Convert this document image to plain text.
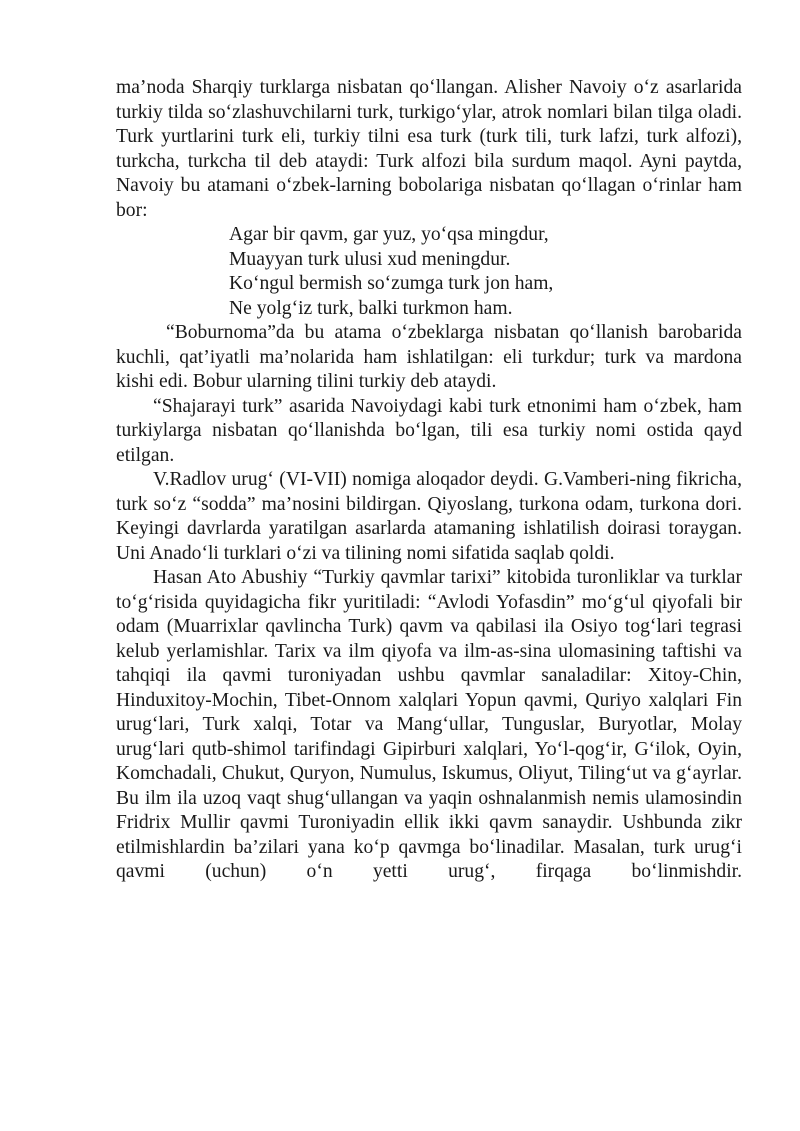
ma’noda Sharqiy turklarga nisbatan qo‘llangan. Alisher Navoiy o‘z asarlarida turkiy tilda so‘zlashuvchilarni turk, turkigo‘ylar, atrok nomlari bilan tilga oladi. Turk yurtlarini turk eli, turkiy tilni esa turk (turk tili, turk lafzi, turk alfozi), turkcha, turkcha til deb ataydi: Turk alfozi bila surdum maqol. Ayni paytda, Navoiy bu atamani o‘zbek-larning bobolariga nisbatan qo‘llagan o‘rinlar ham bor:

Agar bir qavm, gar yuz, yo‘qsa mingdur,
Muayyan turk ulusi xud meningdur.
Ko‘ngul bermish so‘zumga turk jon ham,
Ne yolg‘iz turk, balki turkmon ham.

“Boburnoma”da bu atama o‘zbeklarga nisbatan qo‘llanish barobarida kuchli, qat’iyatli ma’nolarida ham ishlatilgan: eli turkdur; turk va mardona kishi edi. Bobur ularning tilini turkiy deb ataydi.

“Shajarayi turk” asarida Navoiydagi kabi turk etnonimi ham o‘zbek, ham turkiylarga nisbatan qo‘llanishda bo‘lgan, tili esa turkiy nomi ostida qayd etilgan.

V.Radlov urug‘ (VI-VII) nomiga aloqador deydi. G.Vamberi-ning fikricha, turk so‘z “sodda” ma’nosini bildirgan. Qiyoslang, turkona odam, turkona dori. Keyingi davrlarda yaratilgan asarlarda atamaning ishlatilish doirasi toraygan. Uni Anado‘li turklari o‘zi va tilining nomi sifatida saqlab qoldi.

Hasan Ato Abushiy “Turkiy qavmlar tarixi” kitobida turonliklar va turklar to‘g‘risida quyidagicha fikr yuritiladi: “Avlodi Yofasdin” mo‘g‘ul qiyofali bir odam (Muarrixlar qavlincha Turk) qavm va qabilasi ila Osiyo tog‘lari tegrasi kelub yerlamishlar. Tarix va ilm qiyofa va ilm-as-sina ulomasining taftishi va tahqiqi ila qavmi turoniyadan ushbu qavmlar sanaladilar: Xitoy-Chin, Hinduxitoy-Mochin, Tibet-Onnom xalqlari Yopun qavmi, Quriyo xalqlari Fin urug‘lari, Turk xalqi, Totar va Mang‘ullar, Tunguslar, Buryotlar, Molay urug‘lari qutb-shimol tarifindagi Gipirburi xalqlari, Yo‘l-qog‘ir, G‘ilok, Oyin, Komchadali, Chukut, Quryon, Numulus, Iskumus, Oliyut, Tiling‘ut va g‘ayrlar. Bu ilm ila uzoq vaqt shug‘ullangan va yaqin oshnalanmish nemis ulamosindin Fridrix Mullir qavmi Turoniyadin ellik ikki qavm sanaydir. Ushbunda zikr etilmishlardin ba’zilari yana ko‘p qavmga bo‘linadilar. Masalan, turk urug‘i qavmi (uchun) o‘n yetti urug‘, firqaga bo‘linmishdir.
